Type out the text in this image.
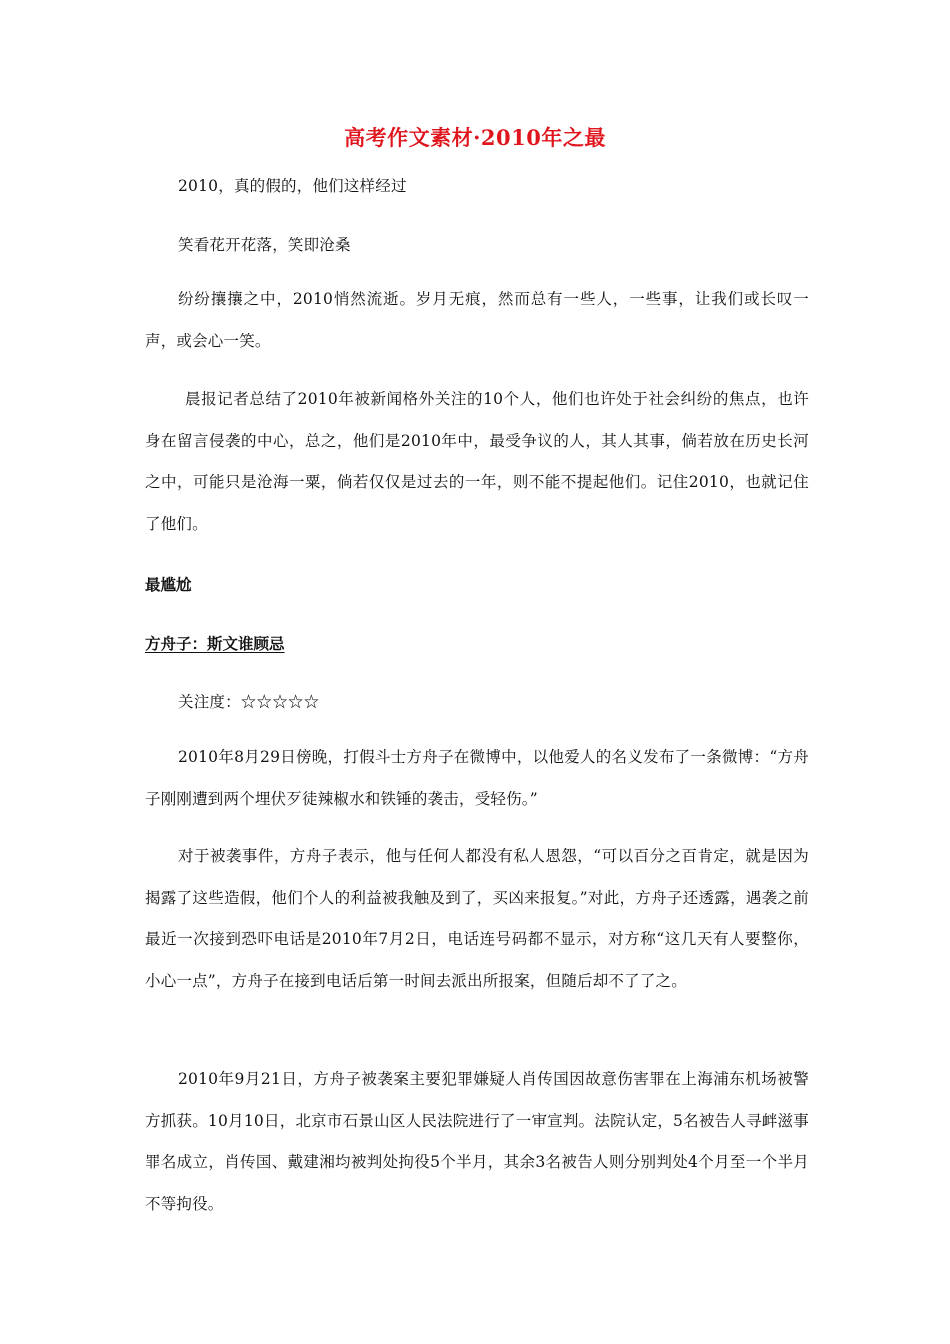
高考作文素材·2010年之最
2010，真的假的，他们这样经过
笑看花开花落，笑即沧桑
纷纷攘攘之中，2010悄然流逝。岁月无痕，然而总有一些人，一些事，让我们或长叹一声，或会心一笑。
晨报记者总结了2010年被新闻格外关注的10个人，他们也许处于社会纠纷的焦点，也许身在留言侵袭的中心，总之，他们是2010年中，最受争议的人，其人其事，倘若放在历史长河之中，可能只是沧海一粟，倘若仅仅是过去的一年，则不能不提起他们。记住2010，也就记住了他们。
最尴尬
方舟子：斯文谁顾忌
关注度：☆☆☆☆☆
2010年8月29日傍晚，打假斗士方舟子在微博中，以他爱人的名义发布了一条微博：“方舟子刚刚遭到两个埋伏歹徒辣椒水和铁锤的袭击，受轻伤。”
对于被袭事件，方舟子表示，他与任何人都没有私人恩怨，“可以百分之百肯定，就是因为揭露了这些造假，他们个人的利益被我触及到了，买凶来报复。”对此，方舟子还透露，遇袭之前最近一次接到恐吓电话是2010年7月2日，电话连号码都不显示，对方称“这几天有人要整你，小心一点”，方舟子在接到电话后第一时间去派出所报案，但随后却不了了之。
2010年9月21日，方舟子被袭案主要犯罪嫌疑人肖传国因故意伤害罪在上海浦东机场被警方抓获。10月10日，北京市石景山区人民法院进行了一审宣判。法院认定，5名被告人寻衅滋事罪名成立，肖传国、戴建湘均被判处拘役5个半月，其余3名被告人则分别判处4个月至一个半月不等拘役。
